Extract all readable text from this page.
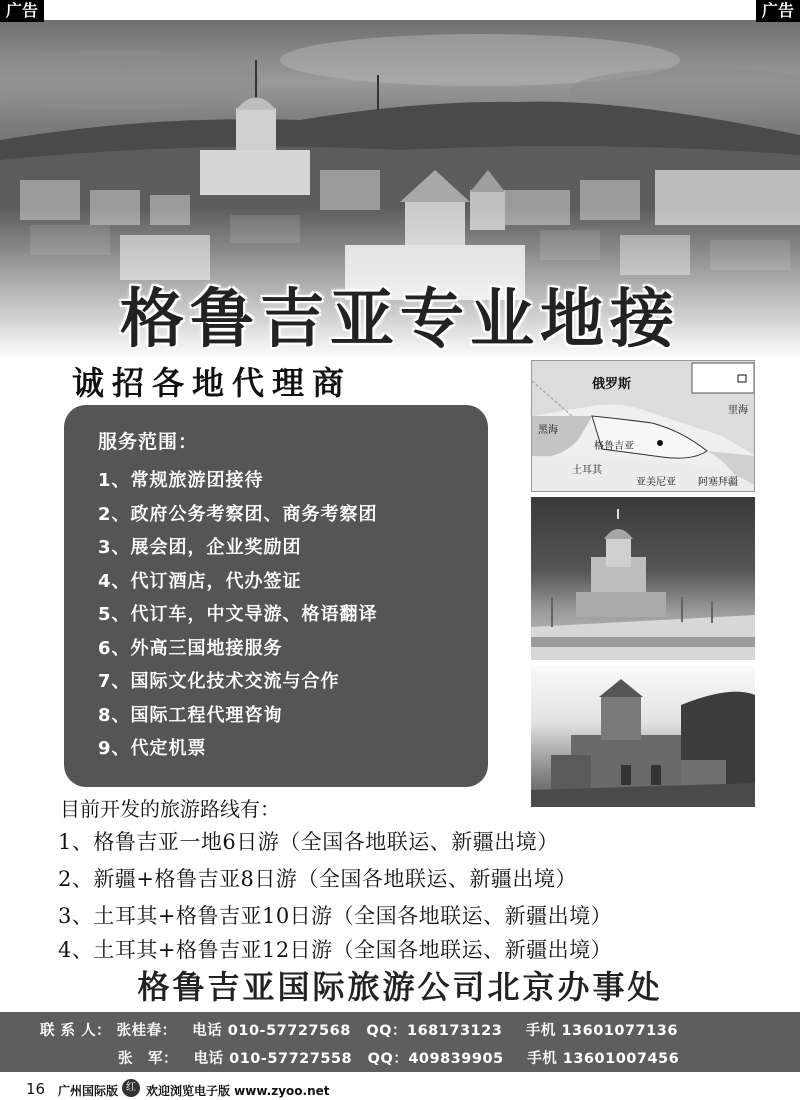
广告	广告
格鲁吉亚专业地接
诚招各地代理商
服务范围：
1、常规旅游团接待
2、政府公务考察团、商务考察团
3、展会团，企业奖励团
4、代订酒店，代办签证
5、代订车，中文导游、格语翻译
6、外高三国地接服务
7、国际文化技术交流与合作
8、国际工程代理咨询
9、代定机票
俄罗斯
黑海
格鲁吉亚
土耳其
亚美尼亚 阿塞拜疆
里海
目前开发的旅游路线有：
1、格鲁吉亚一地6日游（全国各地联运、新疆出境）
2、新疆+格鲁吉亚8日游（全国各地联运、新疆出境）
3、土耳其+格鲁吉亚10日游（全国各地联运、新疆出境）
4、土耳其+格鲁吉亚12日游（全国各地联运、新疆出境）
格鲁吉亚国际旅游公司北京办事处
联 系 人： 张桂春： 电话 010-57727568 QQ：168173123 手机 13601077136
张　军： 电话 010-57727558 QQ：409839905 手机 13601007456
16 广州国际版 红 欢迎浏览电子版 www.zyoo.net
